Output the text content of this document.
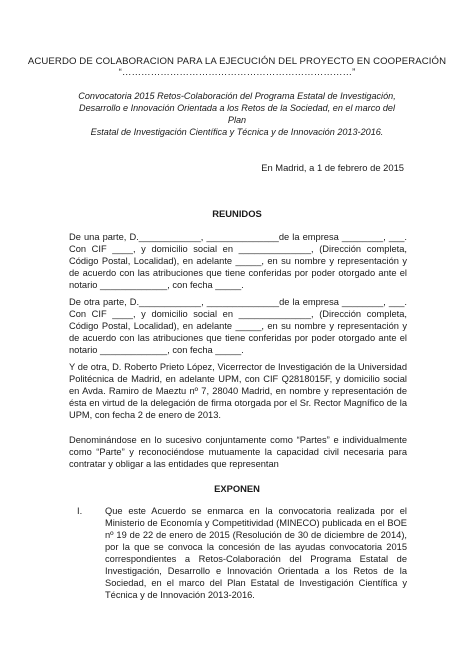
ACUERDO DE COLABORACION PARA LA EJECUCIÓN DEL PROYECTO EN COOPERACIÓN
“………………………………………………………………”
Convocatoria 2015 Retos-Colaboración del Programa Estatal de Investigación,
Desarrollo e Innovación Orientada a los Retos de la Sociedad, en el marco del Plan
Estatal de Investigación Científica y Técnica y de Innovación 2013-2016.
En Madrid, a 1 de febrero de 2015
REUNIDOS
De una parte, D.____________, ______________de la empresa ________, ___. Con CIF ____, y domicilio social en ______________, (Dirección completa, Código Postal, Localidad), en adelante _____, en su nombre y representación y de acuerdo con las atribuciones que tiene conferidas por poder otorgado ante el notario _____________, con fecha _____.
De otra parte, D.____________, ______________de la empresa ________, ___. Con CIF ____, y domicilio social en ______________, (Dirección completa, Código Postal, Localidad), en adelante _____, en su nombre y representación y de acuerdo con las atribuciones que tiene conferidas por poder otorgado ante el notario _____________, con fecha _____.
Y de otra, D. Roberto Prieto López, Vicerrector de Investigación de la Universidad Politécnica de Madrid, en adelante UPM, con CIF Q2818015F, y domicilio social en Avda. Ramiro de Maeztu nº 7, 28040 Madrid, en nombre y representación de ésta en virtud de la delegación de firma otorgada por el Sr. Rector Magnífico de la UPM, con fecha 2 de enero de 2013.
Denominándose en lo sucesivo conjuntamente como “Partes” e individualmente como “Parte” y reconociéndose mutuamente la capacidad civil necesaria para contratar y obligar a las entidades que representan
EXPONEN
I. Que este Acuerdo se enmarca en la convocatoria realizada por el Ministerio de Economía y Competitividad (MINECO) publicada en el BOE nº 19 de 22 de enero de 2015 (Resolución de 30 de diciembre de 2014), por la que se convoca la concesión de las ayudas convocatoria 2015 correspondientes a Retos-Colaboración del Programa Estatal de Investigación, Desarrollo e Innovación Orientada a los Retos de la Sociedad, en el marco del Plan Estatal de Investigación Científica y Técnica y de Innovación 2013-2016.
